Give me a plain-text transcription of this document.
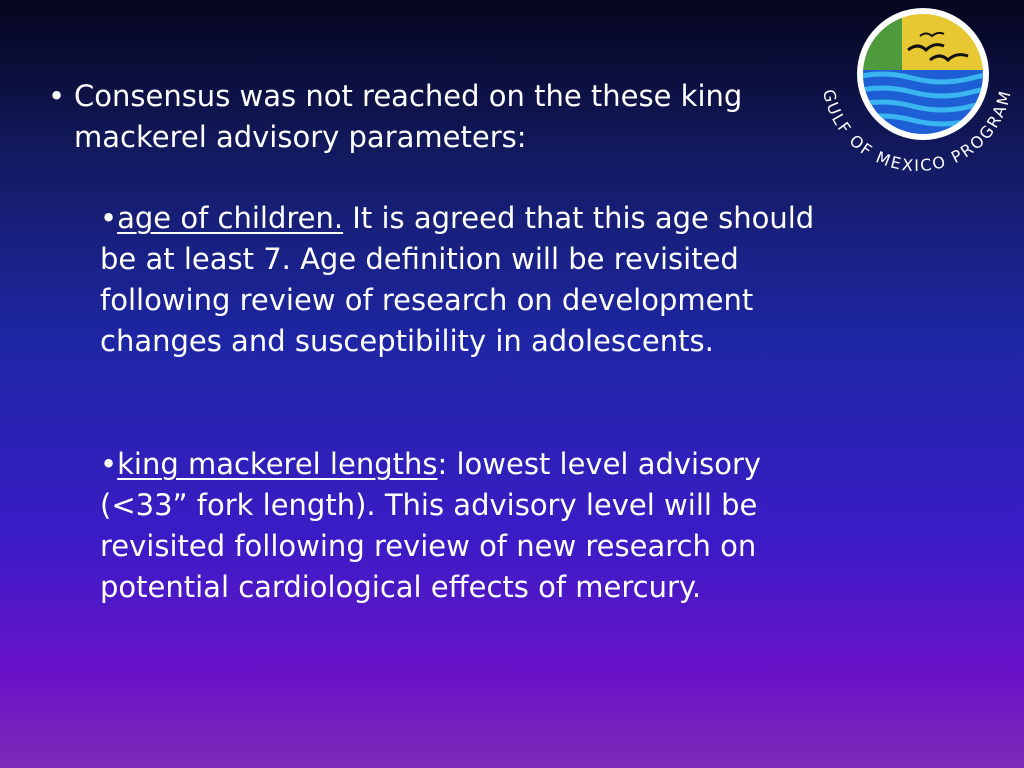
• Consensus was not reached on the these king mackerel advisory parameters:
•age of children. It is agreed that this age should be at least 7. Age definition will be revisited following review of research on development changes and susceptibility in adolescents.
•king mackerel lengths: lowest level advisory (<33” fork length). This advisory level will be revisited following review of new research on potential cardiological effects of mercury.
GULF OF MEXICO PROGRAM
